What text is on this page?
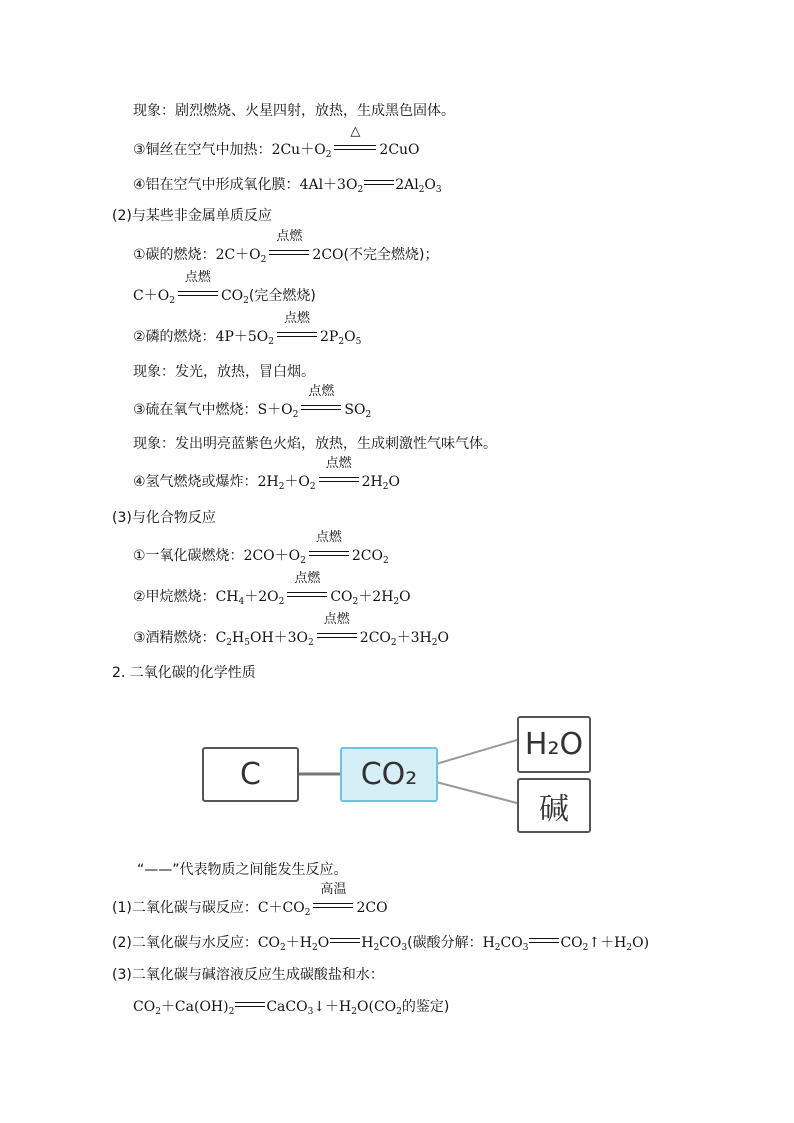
现象：剧烈燃烧、火星四射，放热，生成黑色固体。
③铜丝在空气中加热：$2Cu+O_2$
△
2CuO
④铝在空气中形成氧化膜：$4Al+3O_2$ $2Al_2O_3$
(2)与某些非金属单质反应
①碳的燃烧：$2C+O_2$
点燃
2CO(不完全燃烧)；
$C+O_2$
点燃
$CO_2$(完全燃烧)
②磷的燃烧：$4P+5O_2$
点燃
$2P_2O_5$
现象：发光，放热，冒白烟。
③硫在氧气中燃烧：$S+O_2$
点燃
$SO_2$
现象：发出明亮蓝紫色火焰，放热，生成刺激性气味气体。
④氢气燃烧或爆炸：$2H_2+O_2$
点燃
$2H_2O$
(3)与化合物反应
①一氧化碳燃烧：$2CO+O_2$
点燃
$2CO_2$
②甲烷燃烧：$CH_4+2O_2$
点燃
$CO_2+2H_2O$
③酒精燃烧：$C_2H_5OH+3O_2$
点燃
$2CO_2+3H_2O$
2. 二氧化碳的化学性质
C	CO₂
H₂O
碱
“——”代表物质之间能发生反应。
(1)二氧化碳与碳反应：$C+CO_2$
高温
2CO
(2)二氧化碳与水反应：$CO_2+H_2O$ $H_2CO_3$(碳酸分解：$H_2CO_3$ $CO_2↑+H_2O$)
(3)二氧化碳与碱溶液反应生成碳酸盐和水：
$CO_2+Ca(OH)_2$ $CaCO_3↓+H_2O(CO_2$的鉴定)
